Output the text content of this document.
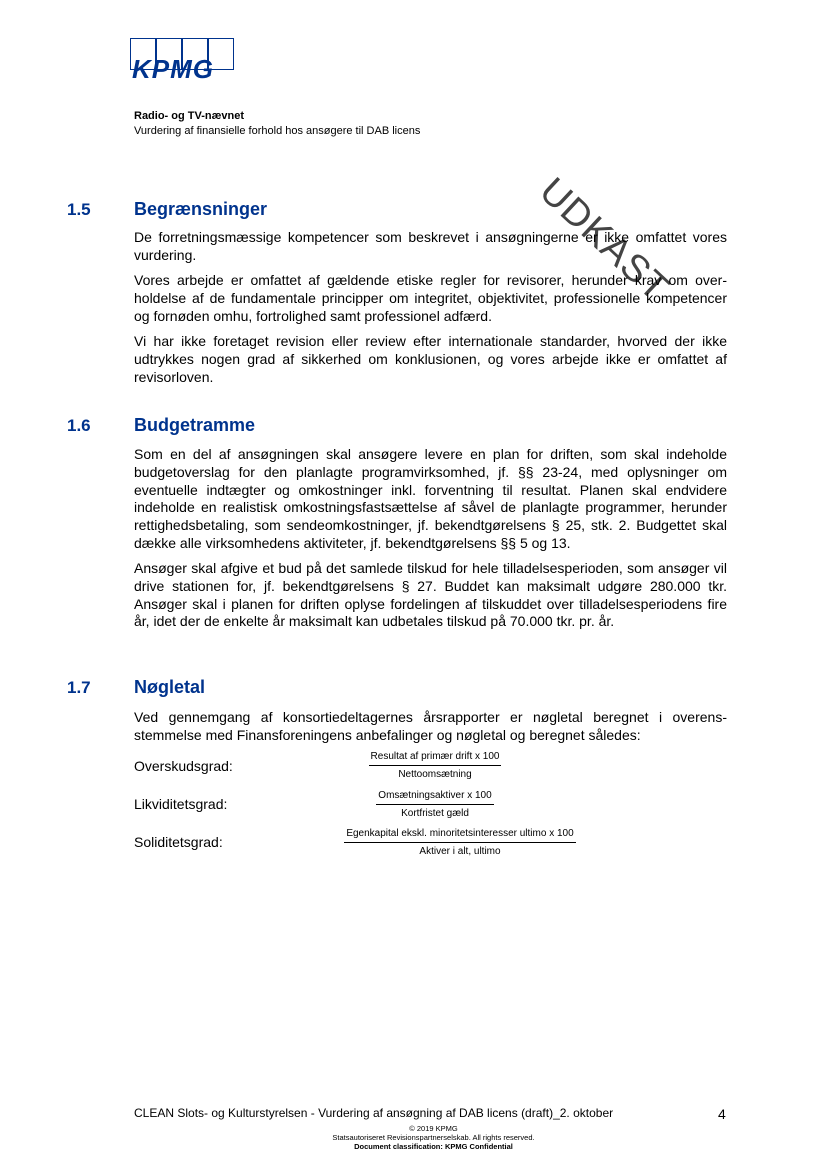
KPMG
Radio- og TV-nævnet
Vurdering af finansielle forhold hos ansøgere til DAB licens
UDKAST
1.5 Begrænsninger
De forretningsmæssige kompetencer som beskrevet i ansøgningerne er ikke omfattet vores vurdering.
Vores arbejde er omfattet af gældende etiske regler for revisorer, herunder krav om overholdelse af de fundamentale principper om integritet, objektivitet, professionelle kompetencer og fornøden omhu, fortrolighed samt professionel adfærd.
Vi har ikke foretaget revision eller review efter internationale standarder, hvorved der ikke udtrykkes nogen grad af sikkerhed om konklusionen, og vores arbejde ikke er omfattet af revisorloven.
1.6 Budgetramme
Som en del af ansøgningen skal ansøgere levere en plan for driften, som skal indeholde budgetoverslag for den planlagte programvirksomhed, jf. §§ 23-24, med oplysninger om eventuelle indtægter og omkostninger inkl. forventning til resultat. Planen skal endvidere indeholde en realistisk omkostningsfastsættelse af såvel de planlagte programmer, herunder rettighedsbetaling, som sendeomkostninger, jf. bekendtgørelsens § 25, stk. 2. Budgettet skal dække alle virksomhedens aktiviteter, jf. bekendtgørelsens §§ 5 og 13.
Ansøger skal afgive et bud på det samlede tilskud for hele tilladelsesperioden, som ansøger vil drive stationen for, jf. bekendtgørelsens § 27. Buddet kan maksimalt udgøre 280.000 tkr. Ansøger skal i planen for driften oplyse fordelingen af tilskuddet over tilladelsesperiodens fire år, idet der de enkelte år maksimalt kan udbetales tilskud på 70.000 tkr. pr. år.
1.7 Nøgletal
Ved gennemgang af konsortiedeltagernes årsrapporter er nøgletal beregnet i overensstemmelse med Finansforeningens anbefalinger og nøgletal og beregnet således:
Overskudsgrad:
Resultat af primær drift x 100
Nettoomsætning
Likviditetsgrad:
Omsætningsaktiver x 100
Kortfristet gæld
Soliditetsgrad:
Egenkapital ekskl. minoritetsinteresser ultimo x 100
Aktiver i alt, ultimo
CLEAN Slots- og Kulturstyrelsen - Vurdering af ansøgning af DAB licens (draft)_2. oktober	4
© 2019 KPMG
Statsautoriseret Revisionspartnerselskab. All rights reserved.
Document classification: KPMG Confidential
